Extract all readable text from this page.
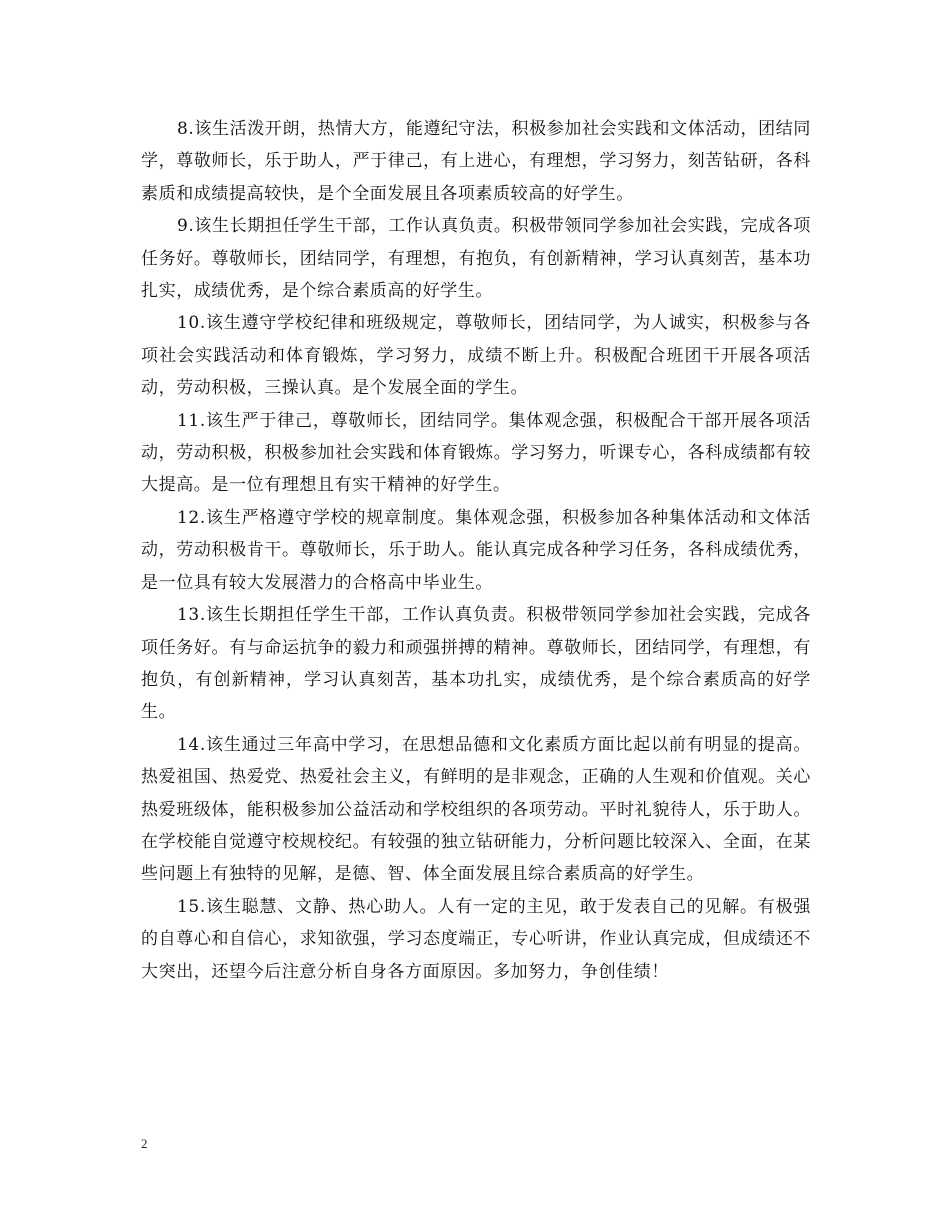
8.该生活泼开朗，热情大方，能遵纪守法，积极参加社会实践和文体活动，团结同学，尊敬师长，乐于助人，严于律己，有上进心，有理想，学习努力，刻苦钻研，各科素质和成绩提高较快，是个全面发展且各项素质较高的好学生。

9.该生长期担任学生干部，工作认真负责。积极带领同学参加社会实践，完成各项任务好。尊敬师长，团结同学，有理想，有抱负，有创新精神，学习认真刻苦，基本功扎实，成绩优秀，是个综合素质高的好学生。

10.该生遵守学校纪律和班级规定，尊敬师长，团结同学，为人诚实，积极参与各项社会实践活动和体育锻炼，学习努力，成绩不断上升。积极配合班团干开展各项活动，劳动积极，三操认真。是个发展全面的学生。

11.该生严于律己，尊敬师长，团结同学。集体观念强，积极配合干部开展各项活动，劳动积极，积极参加社会实践和体育锻炼。学习努力，听课专心，各科成绩都有较大提高。是一位有理想且有实干精神的好学生。

12.该生严格遵守学校的规章制度。集体观念强，积极参加各种集体活动和文体活动，劳动积极肯干。尊敬师长，乐于助人。能认真完成各种学习任务，各科成绩优秀，是一位具有较大发展潜力的合格高中毕业生。

13.该生长期担任学生干部，工作认真负责。积极带领同学参加社会实践，完成各项任务好。有与命运抗争的毅力和顽强拼搏的精神。尊敬师长，团结同学，有理想，有抱负，有创新精神，学习认真刻苦，基本功扎实，成绩优秀，是个综合素质高的好学生。

14.该生通过三年高中学习，在思想品德和文化素质方面比起以前有明显的提高。热爱祖国、热爱党、热爱社会主义，有鲜明的是非观念，正确的人生观和价值观。关心热爱班级体，能积极参加公益活动和学校组织的各项劳动。平时礼貌待人，乐于助人。在学校能自觉遵守校规校纪。有较强的独立钻研能力，分析问题比较深入、全面，在某些问题上有独特的见解，是德、智、体全面发展且综合素质高的好学生。

15.该生聪慧、文静、热心助人。人有一定的主见，敢于发表自己的见解。有极强的自尊心和自信心，求知欲强，学习态度端正，专心听讲，作业认真完成，但成绩还不大突出，还望今后注意分析自身各方面原因。多加努力，争创佳绩！

2
